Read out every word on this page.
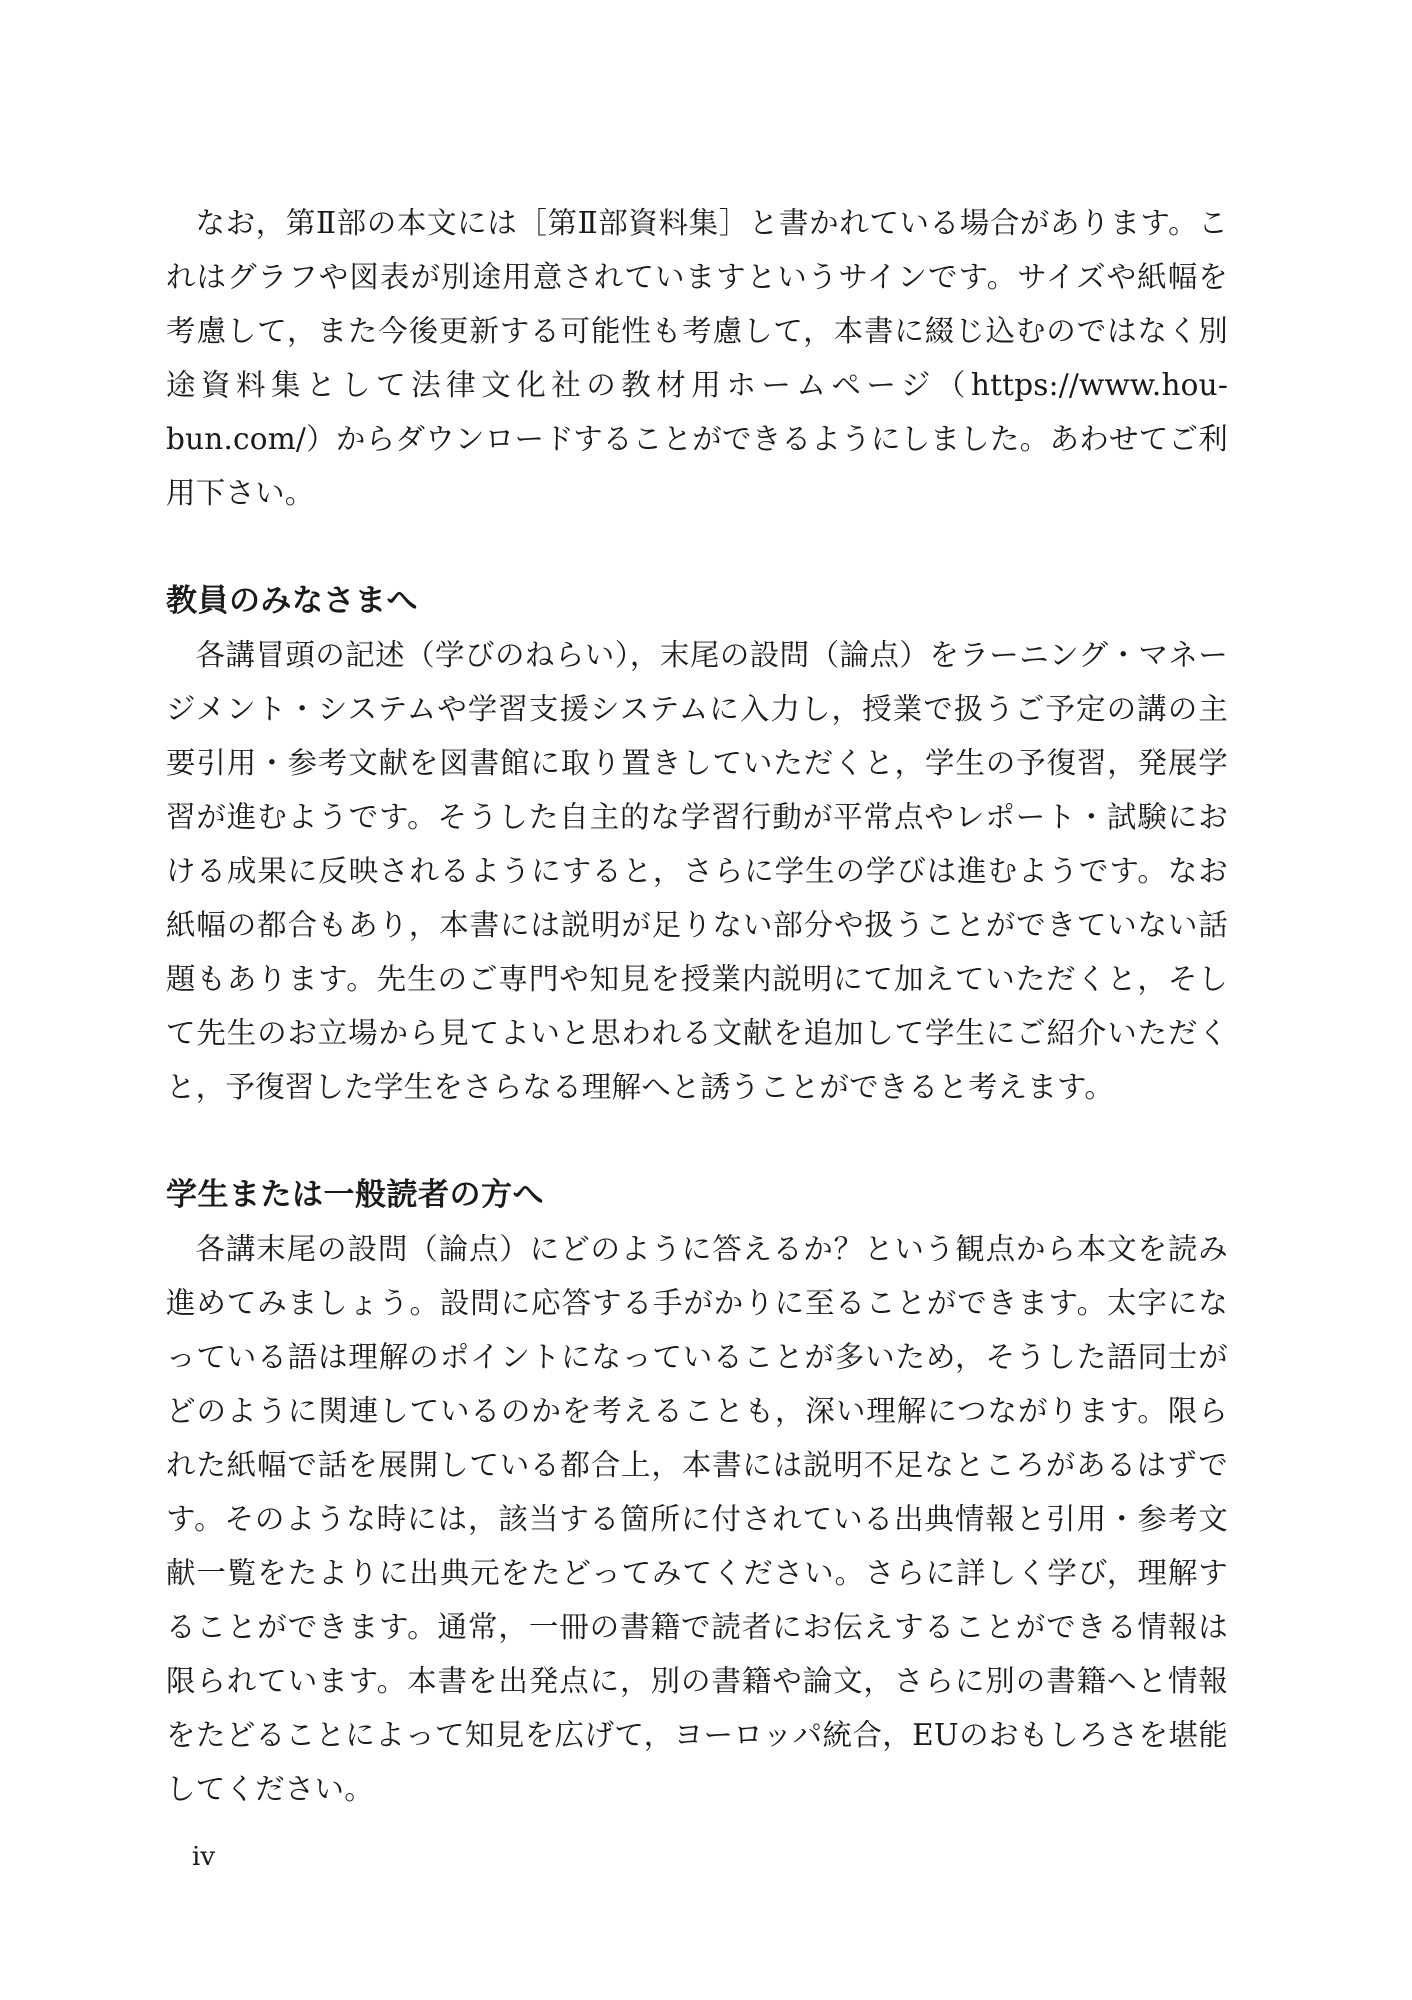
なお，第Ⅱ部の本文には［第Ⅱ部資料集］と書かれている場合があります。これはグラフや図表が別途用意されていますというサインです。サイズや紙幅を考慮して，また今後更新する可能性も考慮して，本書に綴じ込むのではなく別途資料集として法律文化社の教材用ホームページ（https://www.hou-bun.com/）からダウンロードすることができるようにしました。あわせてご利用下さい。

教員のみなさまへ

各講冒頭の記述（学びのねらい），末尾の設問（論点）をラーニング・マネージメント・システムや学習支援システムに入力し，授業で扱うご予定の講の主要引用・参考文献を図書館に取り置きしていただくと，学生の予復習，発展学習が進むようです。そうした自主的な学習行動が平常点やレポート・試験における成果に反映されるようにすると，さらに学生の学びは進むようです。なお紙幅の都合もあり，本書には説明が足りない部分や扱うことができていない話題もあります。先生のご専門や知見を授業内説明にて加えていただくと，そして先生のお立場から見てよいと思われる文献を追加して学生にご紹介いただくと，予復習した学生をさらなる理解へと誘うことができると考えます。

学生または一般読者の方へ

各講末尾の設問（論点）にどのように答えるか？という観点から本文を読み進めてみましょう。設問に応答する手がかりに至ることができます。太字になっている語は理解のポイントになっていることが多いため，そうした語同士がどのように関連しているのかを考えることも，深い理解につながります。限られた紙幅で話を展開している都合上，本書には説明不足なところがあるはずです。そのような時には，該当する箇所に付されている出典情報と引用・参考文献一覧をたよりに出典元をたどってみてください。さらに詳しく学び，理解することができます。通常，一冊の書籍で読者にお伝えすることができる情報は限られています。本書を出発点に，別の書籍や論文，さらに別の書籍へと情報をたどることによって知見を広げて，ヨーロッパ統合，EUのおもしろさを堪能してください。

iv
